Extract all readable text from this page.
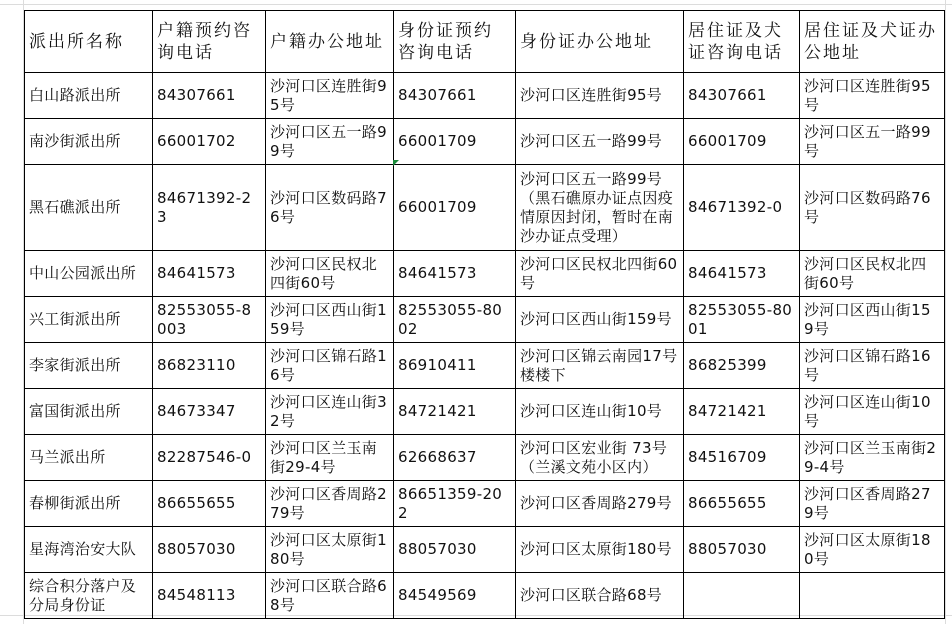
派出所名称	户籍预约咨询电话	户籍办公地址	身份证预约咨询电话	身份证办公地址	居住证及犬证咨询电话	居住证及犬证办公地址
白山路派出所	84307661	沙河口区连胜街95号	84307661	沙河口区连胜街95号	84307661	沙河口区连胜街95号
南沙街派出所	66001702	沙河口区五一路99号	66001709	沙河口区五一路99号	66001709	沙河口区五一路99号
黑石礁派出所	84671392-23	沙河口区数码路76号	66001709	沙河口区五一路99号（黑石礁原办证点因疫情原因封闭，暂时在南沙办证点受理）	84671392-0	沙河口区数码路76号
中山公园派出所	84641573	沙河口区民权北四街60号	84641573	沙河口区民权北四街60号	84641573	沙河口区民权北四街60号
兴工街派出所	82553055-8003	沙河口区西山街159号	82553055-8002	沙河口区西山街159号	82553055-8001	沙河口区西山街159号
李家街派出所	86823110	沙河口区锦石路16号	86910411	沙河口区锦云南园17号楼楼下	86825399	沙河口区锦石路16号
富国街派出所	84673347	沙河口区连山街32号	84721421	沙河口区连山街10号	84721421	沙河口区连山街10号
马兰派出所	82287546-0	沙河口区兰玉南街29-4号	62668637	沙河口区宏业街 73号（兰溪文苑小区内）	84516709	沙河口区兰玉南街29-4号
春柳街派出所	86655655	沙河口区香周路279号	86651359-202	沙河口区香周路279号	86655655	沙河口区香周路279号
星海湾治安大队	88057030	沙河口区太原街180号	88057030	沙河口区太原街180号	88057030	沙河口区太原街180号
综合积分落户及分局身份证	84548113	沙河口区联合路68号	84549569	沙河口区联合路68号		
